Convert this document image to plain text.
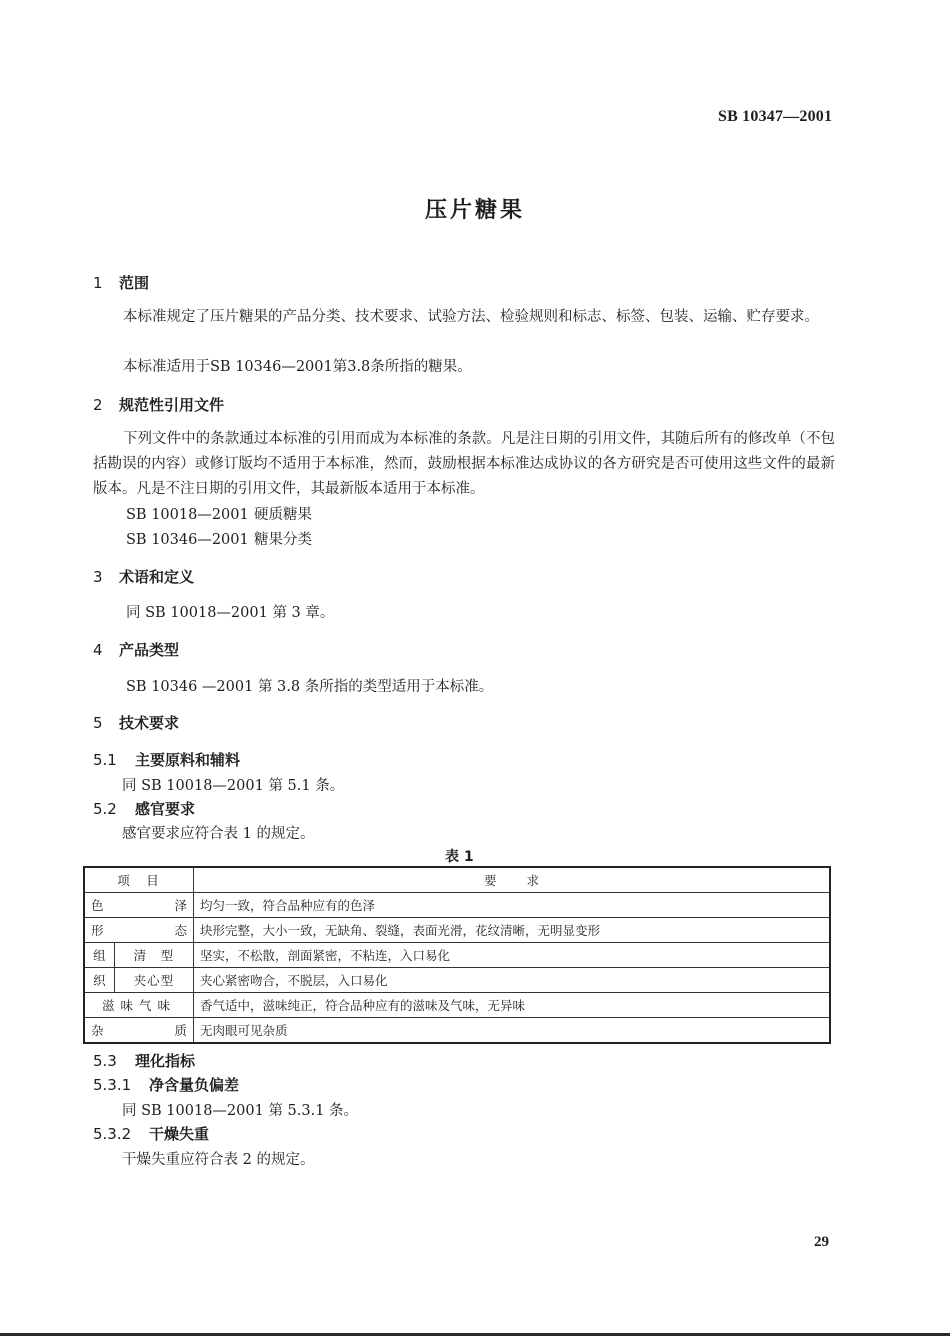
SB 10347—2001
压片糖果
1 范围
本标准规定了压片糖果的产品分类、技术要求、试验方法、检验规则和标志、标签、包装、运输、贮存要求。
本标准适用于SB 10346—2001第3.8条所指的糖果。
2 规范性引用文件
下列文件中的条款通过本标准的引用而成为本标准的条款。凡是注日期的引用文件，其随后所有的修改单（不包括勘误的内容）或修订版均不适用于本标准，然而，鼓励根据本标准达成协议的各方研究是否可使用这些文件的最新版本。凡是不注日期的引用文件，其最新版本适用于本标准。
SB 10018—2001 硬质糖果
SB 10346—2001 糖果分类
3 术语和定义
同 SB 10018—2001 第 3 章。
4 产品类型
SB 10346 —2001 第 3.8 条所指的类型适用于本标准。
5 技术要求
5.1 主要原料和辅料
同 SB 10018—2001 第 5.1 条。
5.2 感官要求
感官要求应符合表 1 的规定。
表 1
项　目		要 求

色 泽		均匀一致，符合品种应有的色泽

形 态		块形完整，大小一致，无缺角、裂缝，表面光滑，花纹清晰，无明显变形
组	清　型	坚实，不松散，剖面紧密，不粘连，入口易化
织	夹心型	夹心紧密吻合，不脱层，入口易化
滋味气味		香气适中，滋味纯正，符合品种应有的滋味及气味，无异味

杂 质		无肉眼可见杂质
5.3 理化指标
5.3.1 净含量负偏差
同 SB 10018—2001 第 5.3.1 条。
5.3.2 干燥失重
干燥失重应符合表 2 的规定。
29
